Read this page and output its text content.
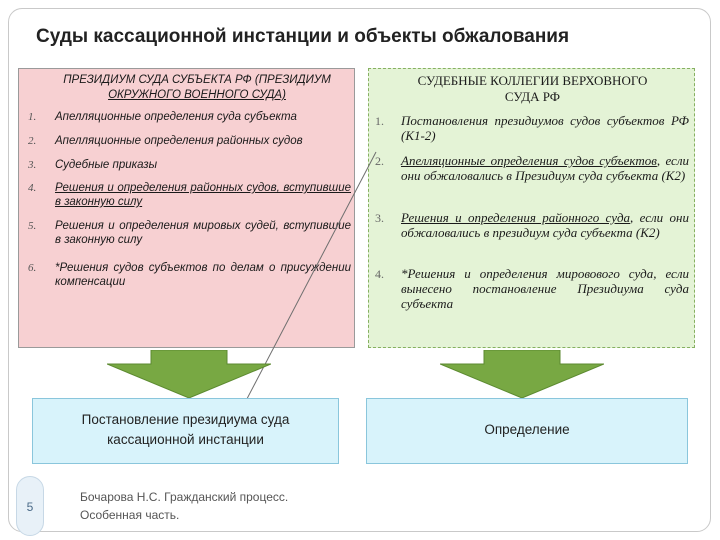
Суды кассационной инстанции и объекты обжалования
ПРЕЗИДИУМ СУДА СУБЪЕКТА РФ (ПРЕЗИДИУМ
ОКРУЖНОГО ВОЕННОГО СУДА)
1. Апелляционные определения суда субъекта
2. Апелляционные определения районных судов
3. Судебные приказы
4. Решения и определения районных судов, вступившие в законную силу
5. Решения и определения мировых судей, вступившие в законную силу
6. *Решения судов субъектов по делам о присуждении компенсации
СУДЕБНЫЕ КОЛЛЕГИИ ВЕРХОВНОГО
СУДА РФ
1. Постановления президиумов судов субъектов РФ (К1-2)
2. Апелляционные определения судов субъектов, если они обжаловались в Президиум суда субъекта (К2)
3. Решения и определения районного суда, если они обжаловались в президиум суда субъекта (К2)
4. *Решения и определения мировового суда, если вынесено постановление Президиума суда субъекта
Постановление президиума суда
кассационной инстанции
Определение
5
Бочарова Н.С. Гражданский процесс.
Особенная часть.
